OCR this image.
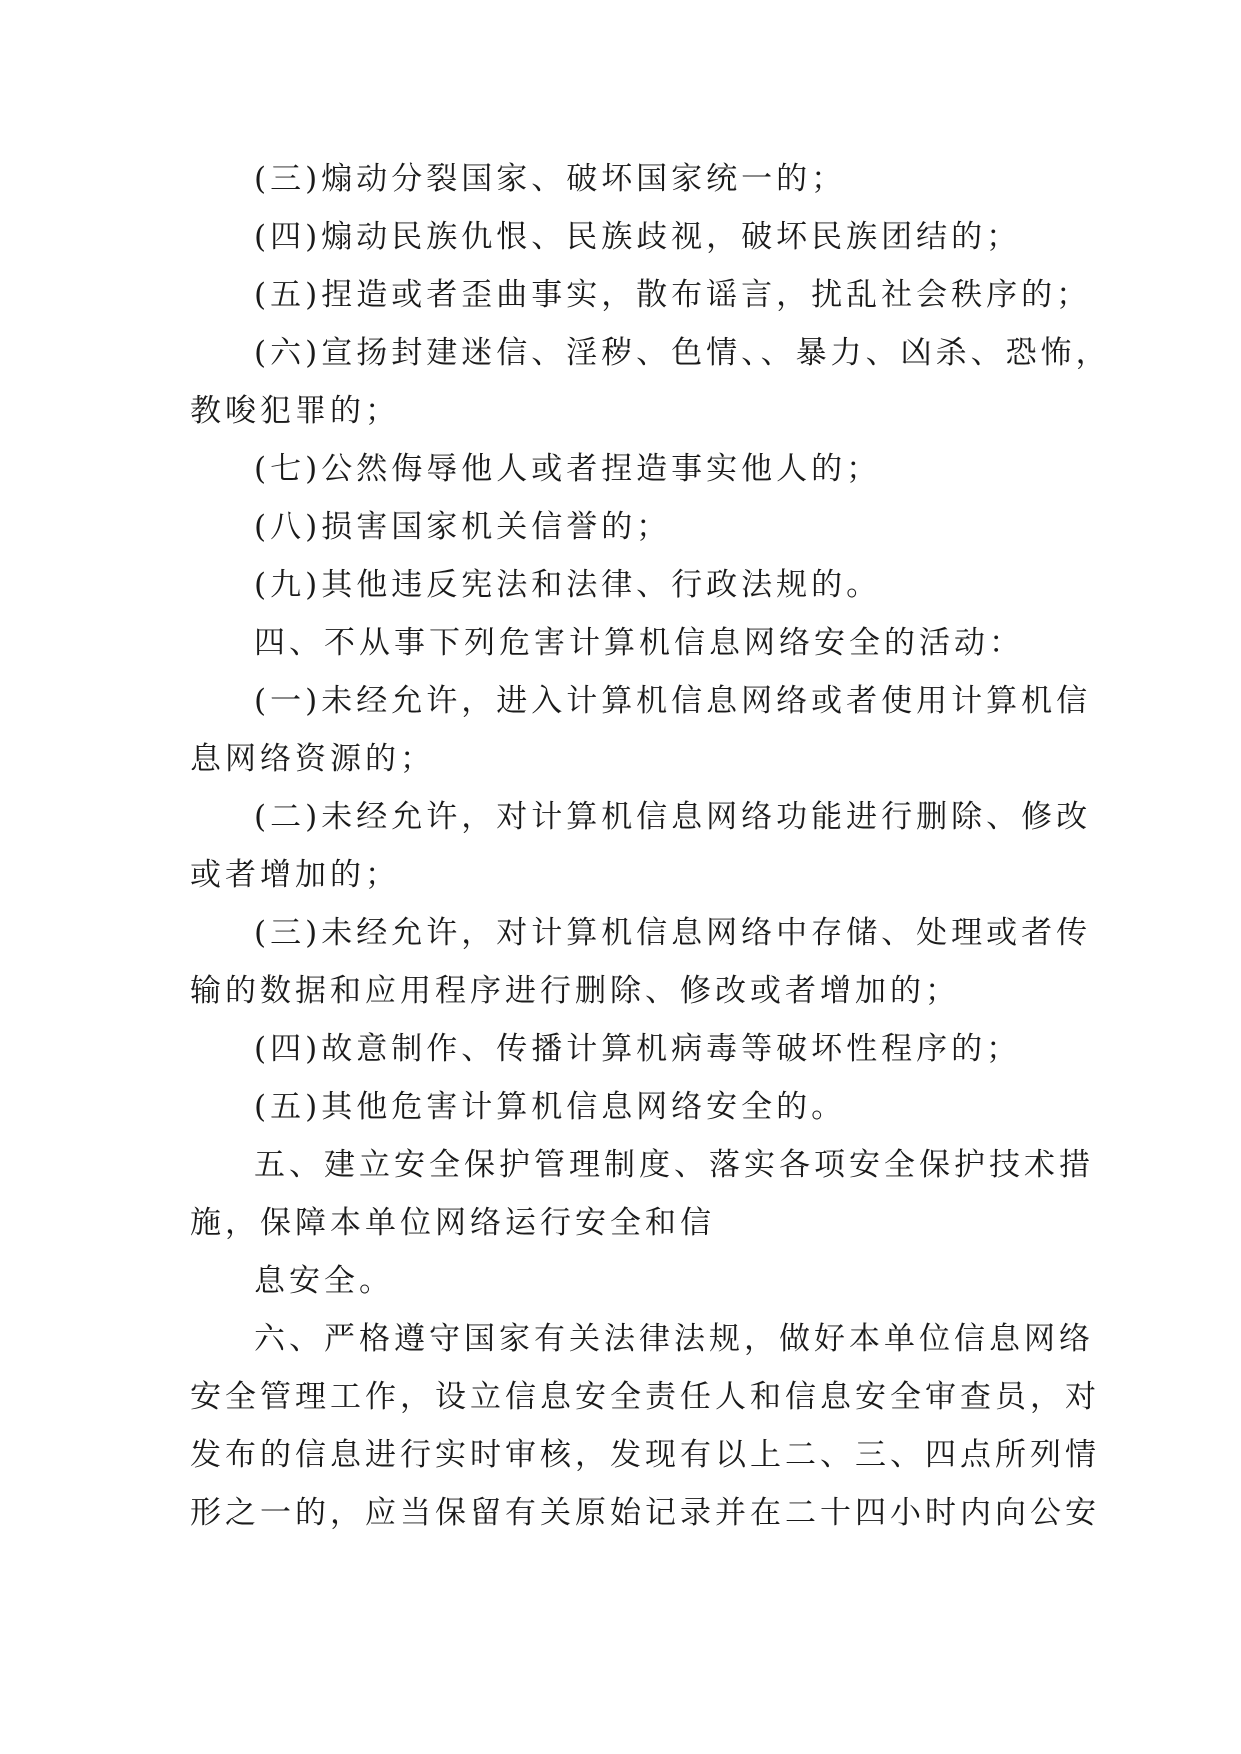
(三)煽动分裂国家、破坏国家统一的；
(四)煽动民族仇恨、民族歧视，破坏民族团结的；
(五)捏造或者歪曲事实，散布谣言，扰乱社会秩序的；
(六)宣扬封建迷信、淫秽、色情、、暴力、凶杀、恐怖，
教唆犯罪的；
(七)公然侮辱他人或者捏造事实他人的；
(八)损害国家机关信誉的；
(九)其他违反宪法和法律、行政法规的。
四、不从事下列危害计算机信息网络安全的活动：
(一)未经允许，进入计算机信息网络或者使用计算机信
息网络资源的；
(二)未经允许，对计算机信息网络功能进行删除、修改
或者增加的；
(三)未经允许，对计算机信息网络中存储、处理或者传
输的数据和应用程序进行删除、修改或者增加的；
(四)故意制作、传播计算机病毒等破坏性程序的；
(五)其他危害计算机信息网络安全的。
五、建立安全保护管理制度、落实各项安全保护技术措
施，保障本单位网络运行安全和信
息安全。
六、严格遵守国家有关法律法规，做好本单位信息网络
安全管理工作，设立信息安全责任人和信息安全审查员，对
发布的信息进行实时审核，发现有以上二、三、四点所列情
形之一的，应当保留有关原始记录并在二十四小时内向公安
